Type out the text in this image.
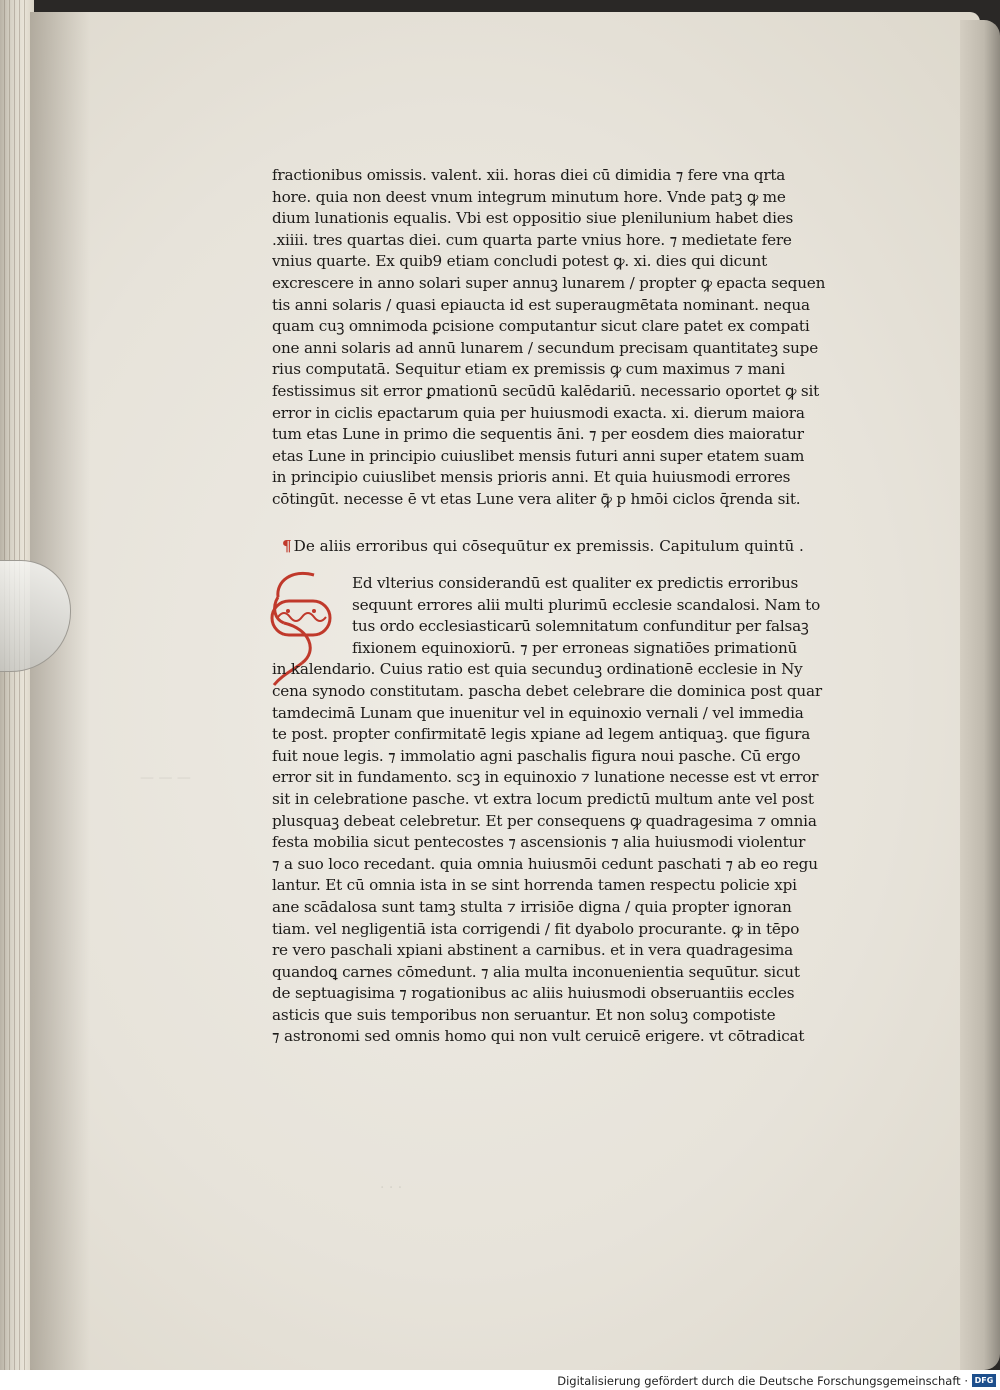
fractionibus omissis. valent. xii. horas diei cū dimidia ⁊ fere vna qrta
hore. quia non deest vnum integrum minutum hore. Vnde patꝫ ꝙ me
dium lunationis equalis. Vbi est oppositio siue plenilunium habet dies
.xiiii. tres quartas diei. cum quarta parte vnius hore. ⁊ medietate fere
vnius quarte. Ex quib9 etiam concludi potest ꝙ. xi. dies qui dicunt
excrescere in anno solari super annuꝫ lunarem / propter ꝙ epacta sequen
tis anni solaris / quasi epiaucta id est superaugmētata nominant. nequa
quam cuꝫ omnimoda ꝑcisione computantur sicut clare patet ex compati
one anni solaris ad annū lunarem / secundum precisam quantitateꝫ supe
rius computatā. Sequitur etiam ex premissis ꝙ cum maximus ⁊ mani
festissimus sit error ꝑmationū secūdū kalēdariū. necessario oportet ꝙ sit
error in ciclis epactarum quia per huiusmodi exacta. xi. dierum maiora
tum etas Lune in primo die sequentis āni. ⁊ per eosdem dies maioratur
etas Lune in principio cuiuslibet mensis futuri anni super etatem suam
in principio cuiuslibet mensis prioris anni. Et quia huiusmodi errores
cōtingūt. necesse ē vt etas Lune vera aliter ꝙ̄ p hmōi ciclos q̄renda sit.
¶ De aliis erroribus qui cōsequūtur ex premissis. Capitulum quintū .
Ed vlterius considerandū est qualiter ex predictis erroribus
sequunt errores alii multi plurimū ecclesie scandalosi. Nam to
tus ordo ecclesiasticarū solemnitatum confunditur per falsaꝫ
fixionem equinoxiorū. ⁊ per erroneas signatiōes primationū
in kalendario. Cuius ratio est quia secunduꝫ ordinationē ecclesie in Ny
cena synodo constitutam. pascha debet celebrare die dominica post quar
tamdecimā Lunam que inuenitur vel in equinoxio vernali / vel immedia
te post. propter confirmitatē legis xpiane ad legem antiquaꝫ. que figura
fuit noue legis. ⁊ immolatio agni paschalis figura noui pasche. Cū ergo
error sit in fundamento. scꝫ in equinoxio ⁊ lunatione necesse est vt error
sit in celebratione pasche. vt extra locum predictū multum ante vel post
plusquaꝫ debeat celebretur. Et per consequens ꝙ quadragesima ⁊ omnia
festa mobilia sicut pentecostes ⁊ ascensionis ⁊ alia huiusmodi violentur
⁊ a suo loco recedant. quia omnia huiusmōi cedunt paschati ⁊ ab eo regu
lantur. Et cū omnia ista in se sint horrenda tamen respectu policie xpi
ane scādalosa sunt tamꝫ stulta ⁊ irrisiōe digna / quia propter ignoran
tiam. vel negligentiā ista corrigendi / fit dyabolo procurante. ꝙ in tēpo
re vero paschali xpiani abstinent a carnibus. et in vera quadragesima
quandoꝗ carnes cōmedunt. ⁊ alia multa inconuenientia sequūtur. sicut
de septuagisima ⁊ rogationibus ac aliis huiusmodi obseruantiis eccles
asticis que suis temporibus non seruantur. Et non soluꝫ compotiste
⁊ astronomi sed omnis homo qui non vult ceruicē erigere. vt cōtradicat
Digitalisierung gefördert durch die Deutsche Forschungsgemeinschaft · DFG
